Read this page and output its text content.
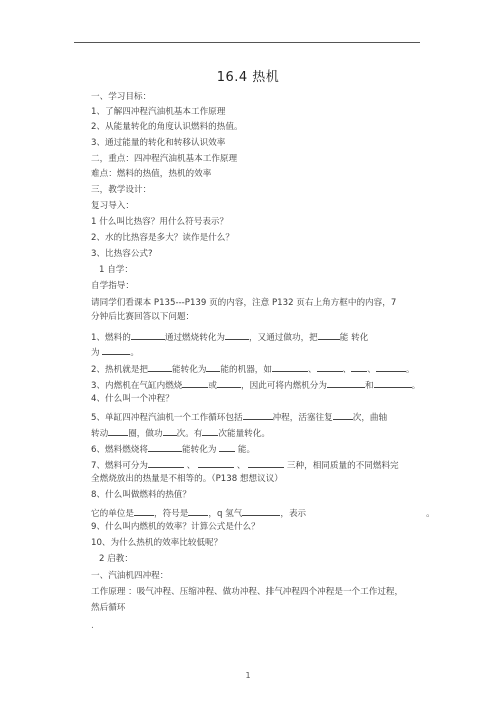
16.4 热机
一、学习目标：
1、了解四冲程汽油机基本工作原理
2、从能量转化的角度认识燃料的热值。
3、通过能量的转化和转移认识效率
二，重点：四冲程汽油机基本工作原理
难点：燃料的热值，热机的效率
三，教学设计：
复习导入：
1 什么叫比热容？用什么符号表示？
2、水的比热容是多大？读作是什么？
3、比热容公式?
1 自学：
自学指导：
请同学们看课本 P135---P139 页的内容，注意 P132 页右上角方框中的内容，7
分钟后比赛回答以下问题：
1、燃料的	通过燃烧转化为	，又通过做功，把	能 转化
为	。
2、热机就是把	能转化为 能的机器，如	、	、 、	。
3、内燃机在气缸内燃烧	或	，因此可将内燃机分为	和	。
4、什么叫一个冲程？
5、单缸四冲程汽油机一个工作循环包括	冲程，活塞往复 次，曲轴
转动 圈，做功 次。有 次能量转化。
6、燃料燃烧将	能转化为 能。
7、燃料可分为	、	、	三种，相同质量的不同燃料完
全燃烧放出的热量是不相等的。（P138 想想议议）
8、什么叫做燃料的热值？
它的单位是 ，符号是 ，q 氢气	，表示	。
9、什么叫内燃机的效率？计算公式是什么？
10、为什么热机的效率比较低呢？
2 启教：
一、汽油机四冲程：
工作原理 ：吸气冲程、压缩冲程、做功冲程、排气冲程四个冲程是一个工作过程，
然后循环
.
1
